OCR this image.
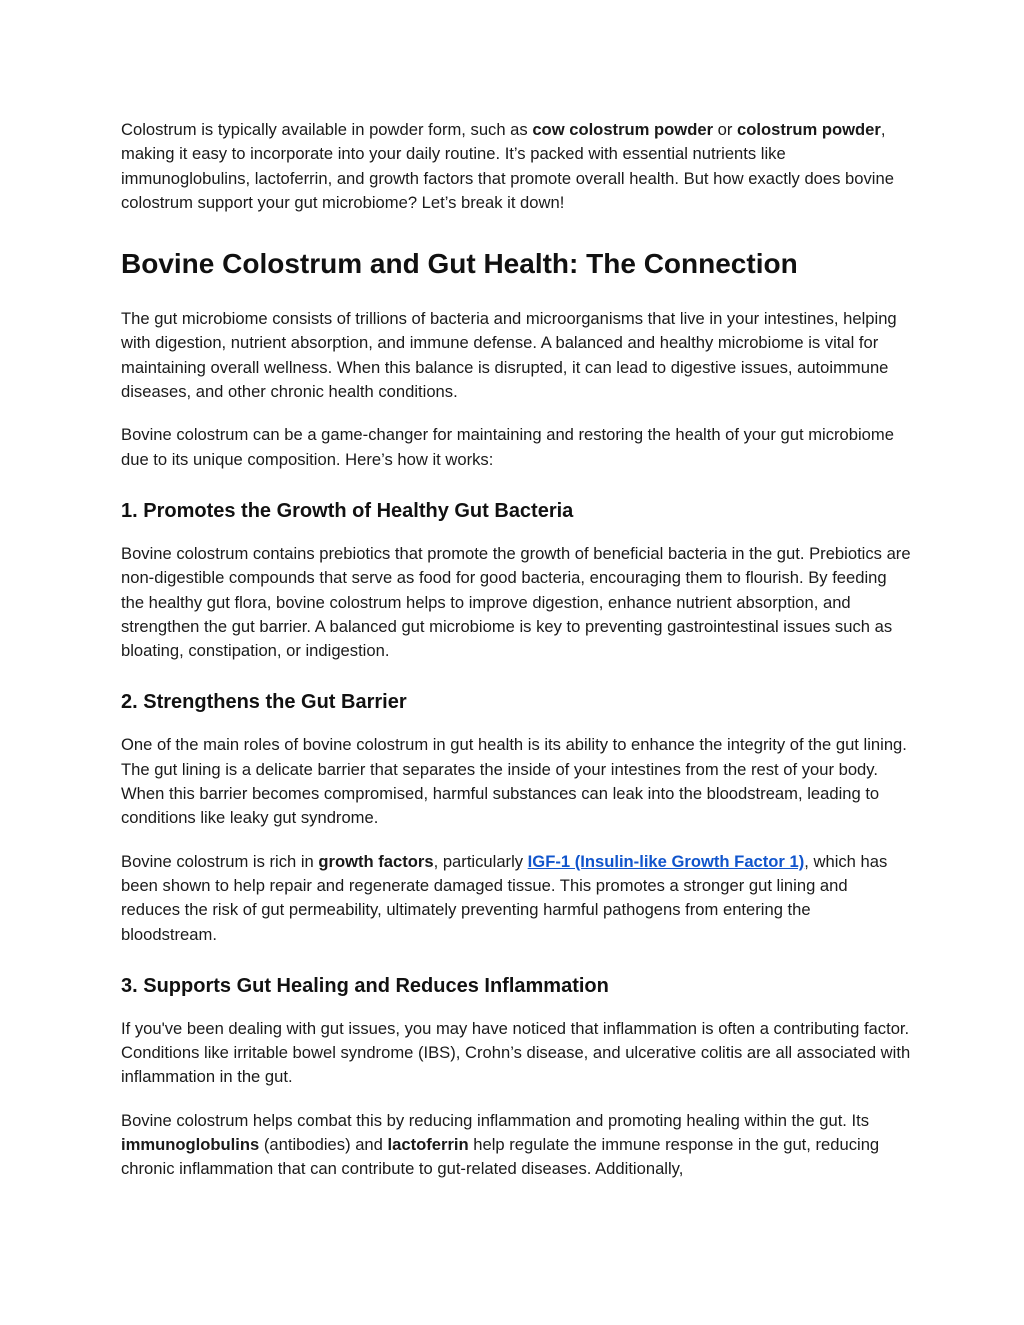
Colostrum is typically available in powder form, such as cow colostrum powder or colostrum powder, making it easy to incorporate into your daily routine. It’s packed with essential nutrients like immunoglobulins, lactoferrin, and growth factors that promote overall health. But how exactly does bovine colostrum support your gut microbiome? Let’s break it down!

Bovine Colostrum and Gut Health: The Connection

The gut microbiome consists of trillions of bacteria and microorganisms that live in your intestines, helping with digestion, nutrient absorption, and immune defense. A balanced and healthy microbiome is vital for maintaining overall wellness. When this balance is disrupted, it can lead to digestive issues, autoimmune diseases, and other chronic health conditions.

Bovine colostrum can be a game-changer for maintaining and restoring the health of your gut microbiome due to its unique composition. Here’s how it works:

1. Promotes the Growth of Healthy Gut Bacteria

Bovine colostrum contains prebiotics that promote the growth of beneficial bacteria in the gut. Prebiotics are non-digestible compounds that serve as food for good bacteria, encouraging them to flourish. By feeding the healthy gut flora, bovine colostrum helps to improve digestion, enhance nutrient absorption, and strengthen the gut barrier. A balanced gut microbiome is key to preventing gastrointestinal issues such as bloating, constipation, or indigestion.

2. Strengthens the Gut Barrier

One of the main roles of bovine colostrum in gut health is its ability to enhance the integrity of the gut lining. The gut lining is a delicate barrier that separates the inside of your intestines from the rest of your body. When this barrier becomes compromised, harmful substances can leak into the bloodstream, leading to conditions like leaky gut syndrome.

Bovine colostrum is rich in growth factors, particularly IGF-1 (Insulin-like Growth Factor 1), which has been shown to help repair and regenerate damaged tissue. This promotes a stronger gut lining and reduces the risk of gut permeability, ultimately preventing harmful pathogens from entering the bloodstream.

3. Supports Gut Healing and Reduces Inflammation

If you've been dealing with gut issues, you may have noticed that inflammation is often a contributing factor. Conditions like irritable bowel syndrome (IBS), Crohn’s disease, and ulcerative colitis are all associated with inflammation in the gut.

Bovine colostrum helps combat this by reducing inflammation and promoting healing within the gut. Its immunoglobulins (antibodies) and lactoferrin help regulate the immune response in the gut, reducing chronic inflammation that can contribute to gut-related diseases. Additionally,
